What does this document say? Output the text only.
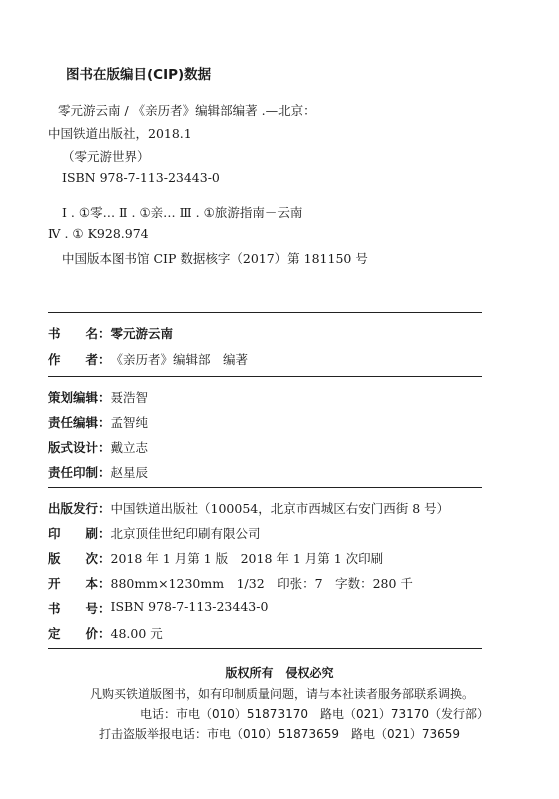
图书在版编目(CIP)数据
零元游云南 / 《亲历者》编辑部编著 .—北京：
中国铁道出版社，2018.1
（零元游世界）
ISBN 978-7-113-23443-0
Ⅰ . ①零… Ⅱ . ①亲… Ⅲ . ①旅游指南－云南
Ⅳ . ① K928.974
中国版本图书馆 CIP 数据核字（2017）第 181150 号
书　　名： 零元游云南
作　　者： 《亲历者》编辑部　编著
策划编辑： 聂浩智
责任编辑： 孟智纯
版式设计： 戴立志
责任印制： 赵星辰
出版发行： 中国铁道出版社（100054，北京市西城区右安门西街 8 号）
印　　刷： 北京顶佳世纪印刷有限公司
版　　次： 2018 年 1 月第 1 版　2018 年 1 月第 1 次印刷
开　　本： 880mm×1230mm　1/32　印张：7　字数：280 千
书　　号： ISBN 978-7-113-23443-0
定　　价： 48.00 元
版权所有　侵权必究
凡购买铁道版图书，如有印制质量问题，请与本社读者服务部联系调换。
电话：市电（010）51873170　路电（021）73170（发行部）
打击盗版举报电话：市电（010）51873659　路电（021）73659
